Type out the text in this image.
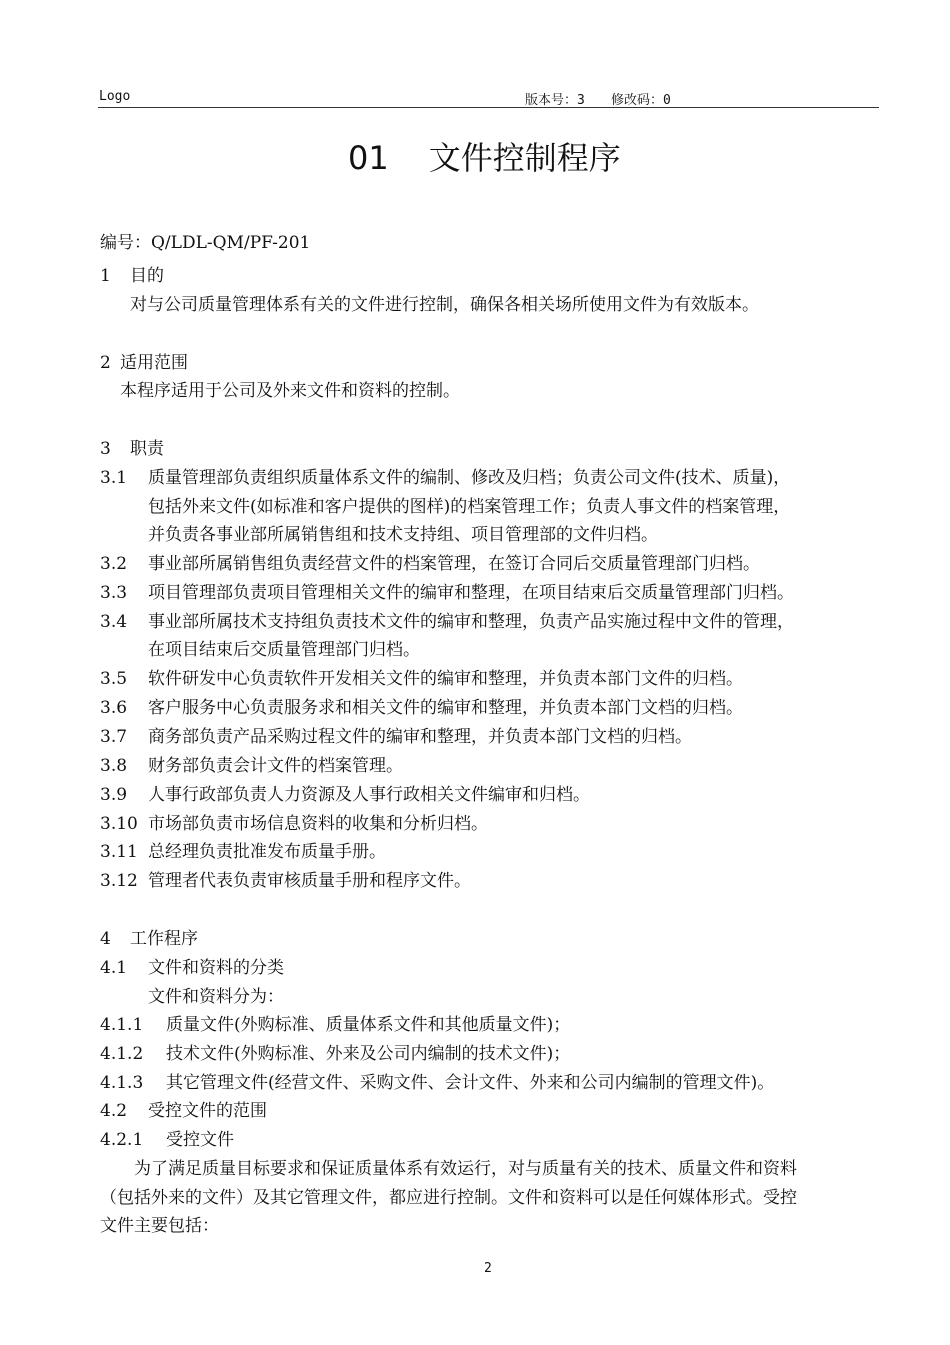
Logo	版本号：3 修改码：0
01 文件控制程序
编号：Q/LDL-QM/PF-201
1 目的
对与公司质量管理体系有关的文件进行控制，确保各相关场所使用文件为有效版本。
2 适用范围
本程序适用于公司及外来文件和资料的控制。
3 职责
3.1 质量管理部负责组织质量体系文件的编制、修改及归档；负责公司文件(技术、质量)，
包括外来文件(如标准和客户提供的图样)的档案管理工作；负责人事文件的档案管理，
并负责各事业部所属销售组和技术支持组、项目管理部的文件归档。
3.2 事业部所属销售组负责经营文件的档案管理，在签订合同后交质量管理部门归档。
3.3 项目管理部负责项目管理相关文件的编审和整理，在项目结束后交质量管理部门归档。
3.4 事业部所属技术支持组负责技术文件的编审和整理，负责产品实施过程中文件的管理，
在项目结束后交质量管理部门归档。
3.5 软件研发中心负责软件开发相关文件的编审和整理，并负责本部门文件的归档。
3.6 客户服务中心负责服务求和相关文件的编审和整理，并负责本部门文档的归档。
3.7 商务部负责产品采购过程文件的编审和整理，并负责本部门文档的归档。
3.8 财务部负责会计文件的档案管理。
3.9 人事行政部负责人力资源及人事行政相关文件编审和归档。
3.10 市场部负责市场信息资料的收集和分析归档。
3.11 总经理负责批准发布质量手册。
3.12 管理者代表负责审核质量手册和程序文件。
4 工作程序
4.1 文件和资料的分类
文件和资料分为：
4.1.1 质量文件(外购标准、质量体系文件和其他质量文件)；
4.1.2 技术文件(外购标准、外来及公司内编制的技术文件)；
4.1.3 其它管理文件(经营文件、采购文件、会计文件、外来和公司内编制的管理文件)。
4.2 受控文件的范围
4.2.1 受控文件
为了满足质量目标要求和保证质量体系有效运行，对与质量有关的技术、质量文件和资料
（包括外来的文件）及其它管理文件，都应进行控制。文件和资料可以是任何媒体形式。受控
文件主要包括：
2
